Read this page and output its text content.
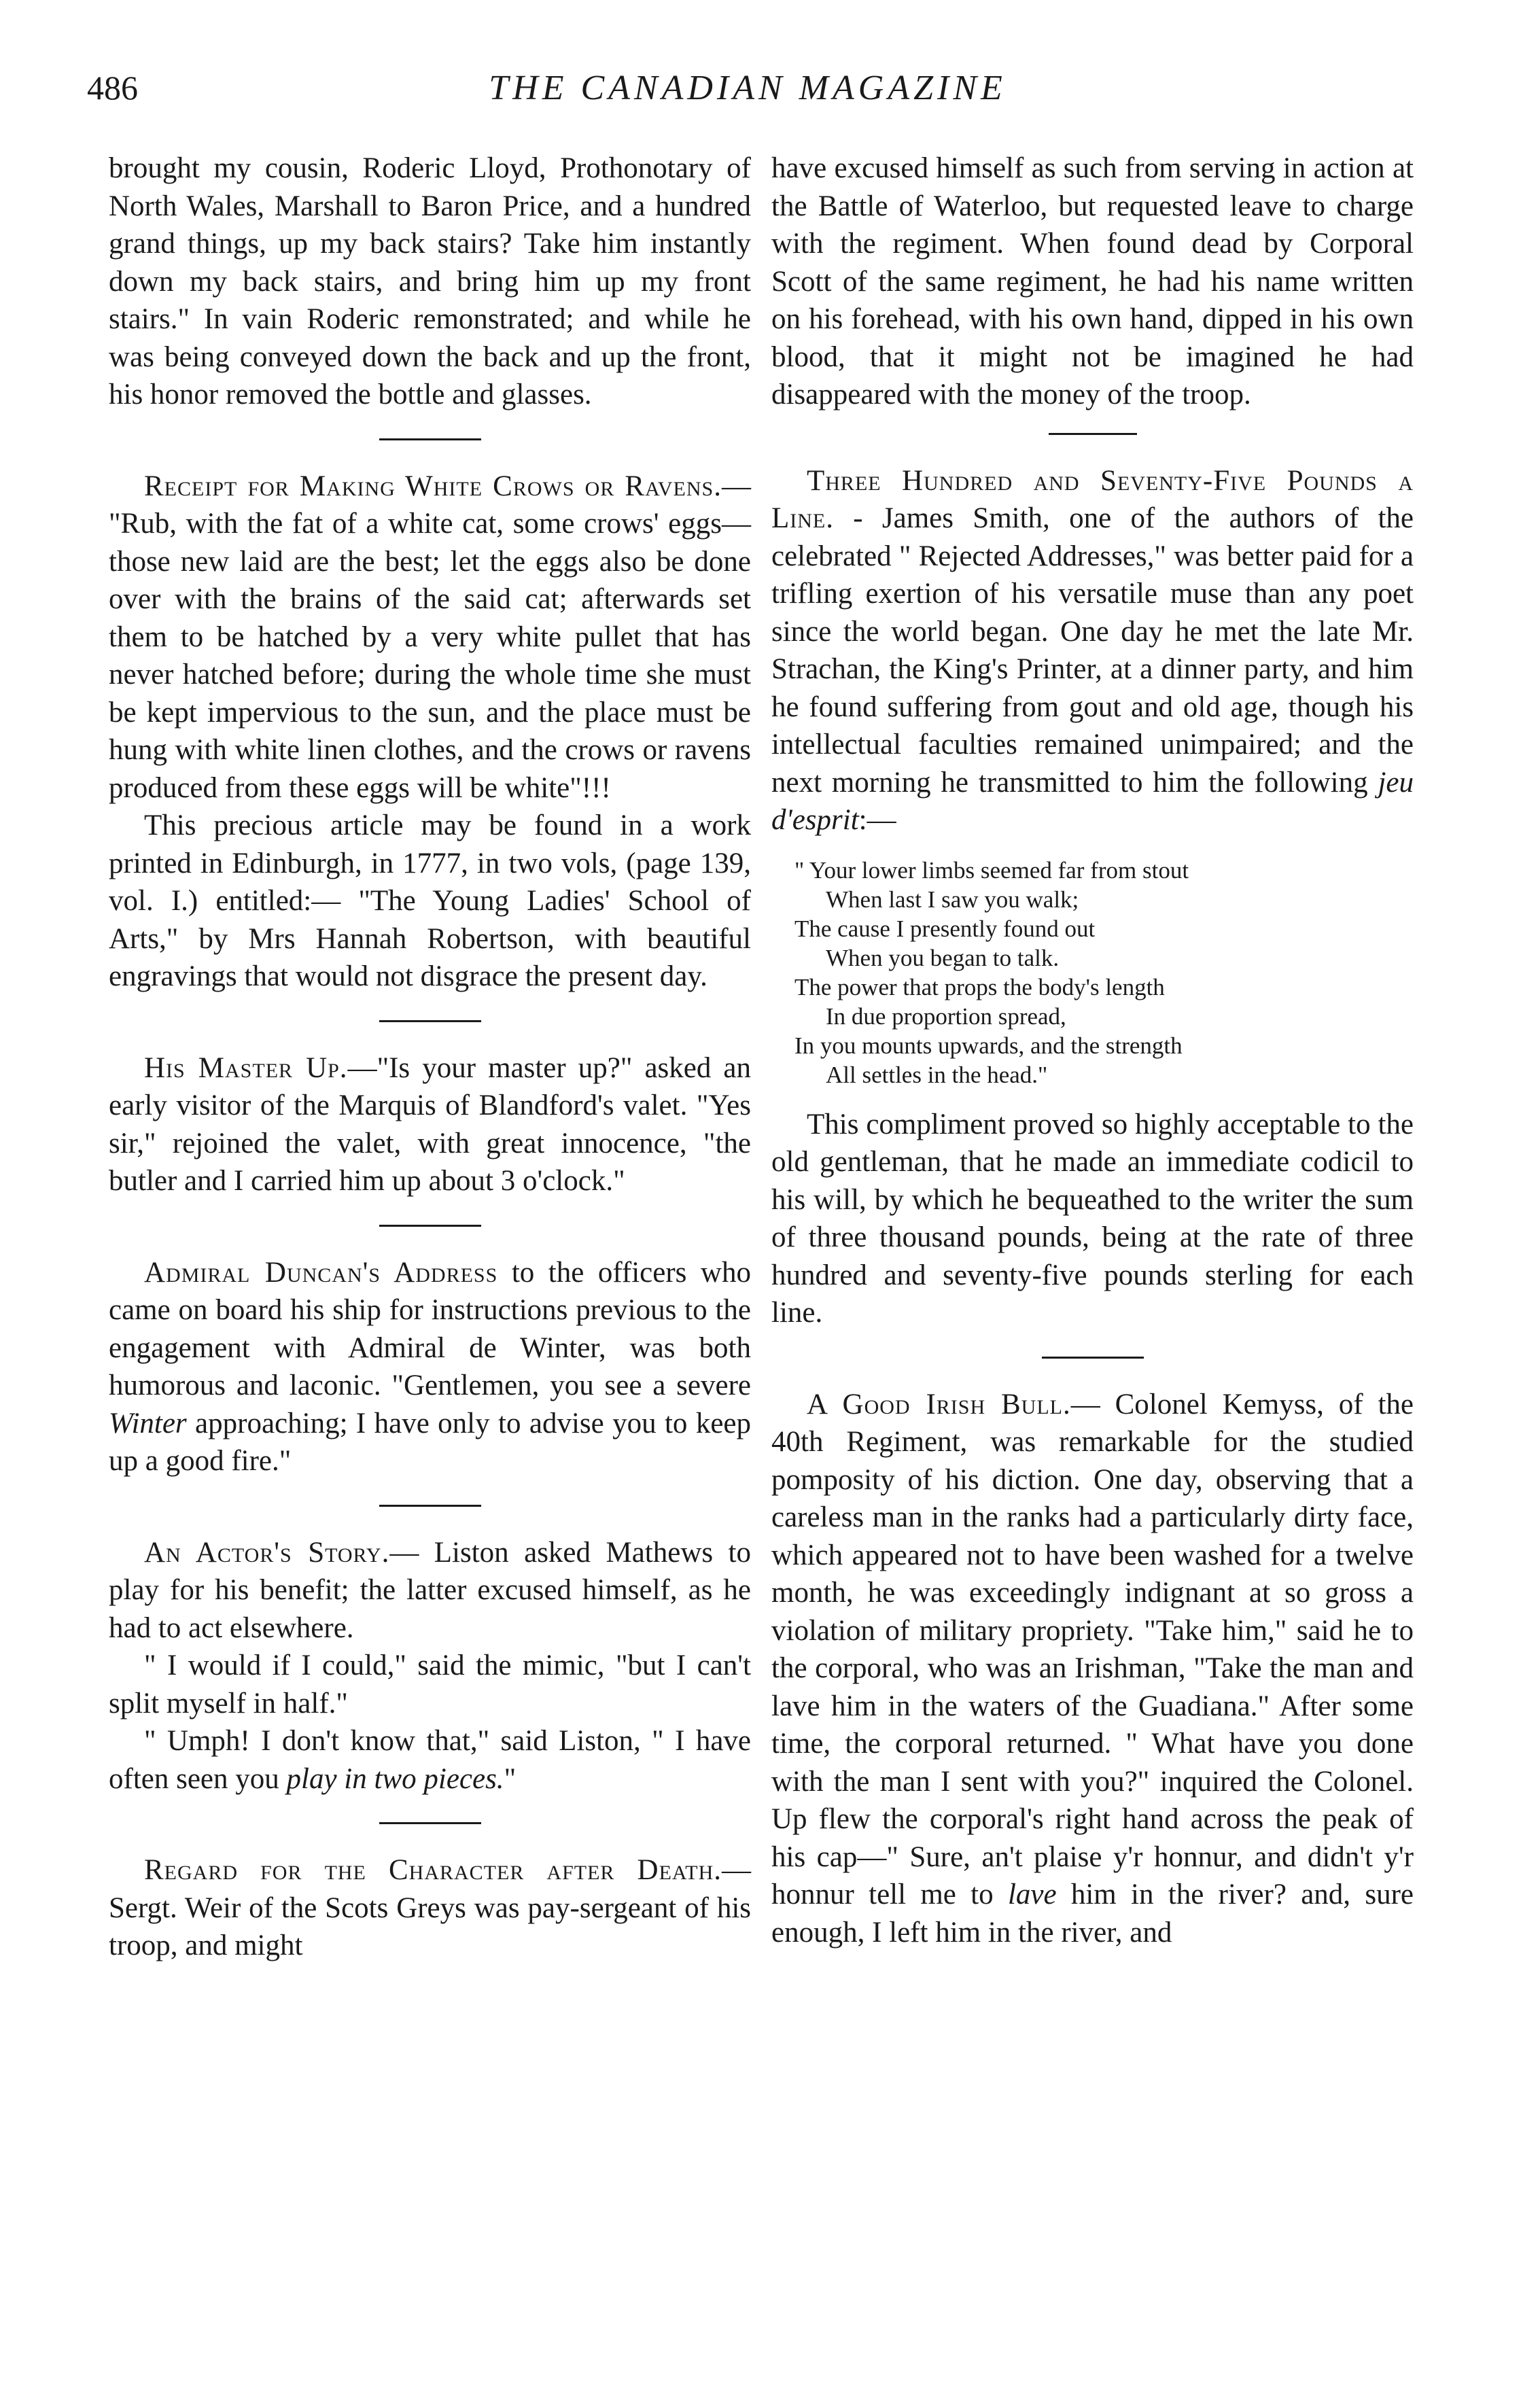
486	THE CANADIAN MAGAZINE

brought my cousin, Roderic Lloyd, Prothonotary of North Wales, Marshall to Baron Price, and a hundred grand things, up my back stairs? Take him instantly down my back stairs, and bring him up my front stairs." In vain Roderic remonstrated; and while he was being conveyed down the back and up the front, his honor removed the bottle and glasses.

Receipt for Making White Crows or Ravens.— "Rub, with the fat of a white cat, some crows' eggs—those new laid are the best; let the eggs also be done over with the brains of the said cat; afterwards set them to be hatched by a very white pullet that has never hatched before; during the whole time she must be kept impervious to the sun, and the place must be hung with white linen clothes, and the crows or ravens produced from these eggs will be white"!!!

This precious article may be found in a work printed in Edinburgh, in 1777, in two vols, (page 139, vol. I.) entitled:— "The Young Ladies' School of Arts," by Mrs Hannah Robertson, with beautiful engravings that would not disgrace the present day.

His Master Up.—"Is your master up?" asked an early visitor of the Marquis of Blandford's valet. "Yes sir," rejoined the valet, with great innocence, "the butler and I carried him up about 3 o'clock."

Admiral Duncan's Address to the officers who came on board his ship for instructions previous to the engagement with Admiral de Winter, was both humorous and laconic. "Gentlemen, you see a severe Winter approaching; I have only to advise you to keep up a good fire."

An Actor's Story.— Liston asked Mathews to play for his benefit; the latter excused himself, as he had to act elsewhere.

" I would if I could," said the mimic, "but I can't split myself in half."

" Umph! I don't know that," said Liston, " I have often seen you play in two pieces."

Regard for the Character after Death.— Sergt. Weir of the Scots Greys was pay-sergeant of his troop, and might

have excused himself as such from serving in action at the Battle of Waterloo, but requested leave to charge with the regiment. When found dead by Corporal Scott of the same regiment, he had his name written on his forehead, with his own hand, dipped in his own blood, that it might not be imagined he had disappeared with the money of the troop.

Three Hundred and Seventy-Five Pounds a Line. - James Smith, one of the authors of the celebrated " Rejected Addresses," was better paid for a trifling exertion of his versatile muse than any poet since the world began. One day he met the late Mr. Strachan, the King's Printer, at a dinner party, and him he found suffering from gout and old age, though his intellectual faculties remained unimpaired; and the next morning he transmitted to him the following jeu d'esprit:—

" Your lower limbs seemed far from stout
When last I saw you walk;
The cause I presently found out
When you began to talk.
The power that props the body's length
In due proportion spread,
In you mounts upwards, and the strength
All settles in the head."

This compliment proved so highly acceptable to the old gentleman, that he made an immediate codicil to his will, by which he bequeathed to the writer the sum of three thousand pounds, being at the rate of three hundred and seventy-five pounds sterling for each line.

A Good Irish Bull.— Colonel Kemyss, of the 40th Regiment, was remarkable for the studied pomposity of his diction. One day, observing that a careless man in the ranks had a particularly dirty face, which appeared not to have been washed for a twelve month, he was exceedingly indignant at so gross a violation of military propriety. "Take him," said he to the corporal, who was an Irishman, "Take the man and lave him in the waters of the Guadiana." After some time, the corporal returned. " What have you done with the man I sent with you?" inquired the Colonel. Up flew the corporal's right hand across the peak of his cap—" Sure, an't plaise y'r honnur, and didn't y'r honnur tell me to lave him in the river? and, sure enough, I left him in the river, and
